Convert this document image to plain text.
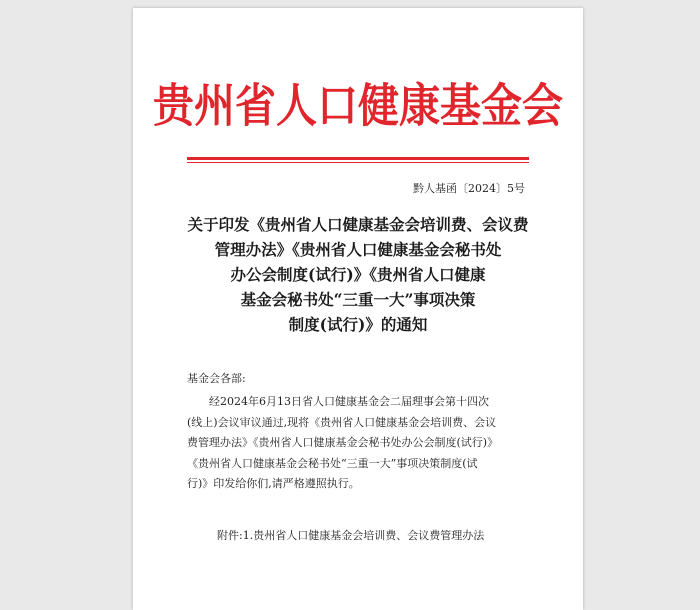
贵州省人口健康基金会
黔人基函〔2024〕5号
关于印发《贵州省人口健康基金会培训费、会议费
管理办法》《贵州省人口健康基金会秘书处
办公会制度(试行)》《贵州省人口健康
基金会秘书处“三重一大”事项决策
制度(试行)》的通知
基金会各部:
　　经2024年6月13日省人口健康基金会二届理事会第十四次
(线上)会议审议通过,现将《贵州省人口健康基金会培训费、会议
费管理办法》《贵州省人口健康基金会秘书处办公会制度(试行)》
《贵州省人口健康基金会秘书处“三重一大”事项决策制度(试
行)》印发给你们,请严格遵照执行。
附件:1.贵州省人口健康基金会培训费、会议费管理办法
